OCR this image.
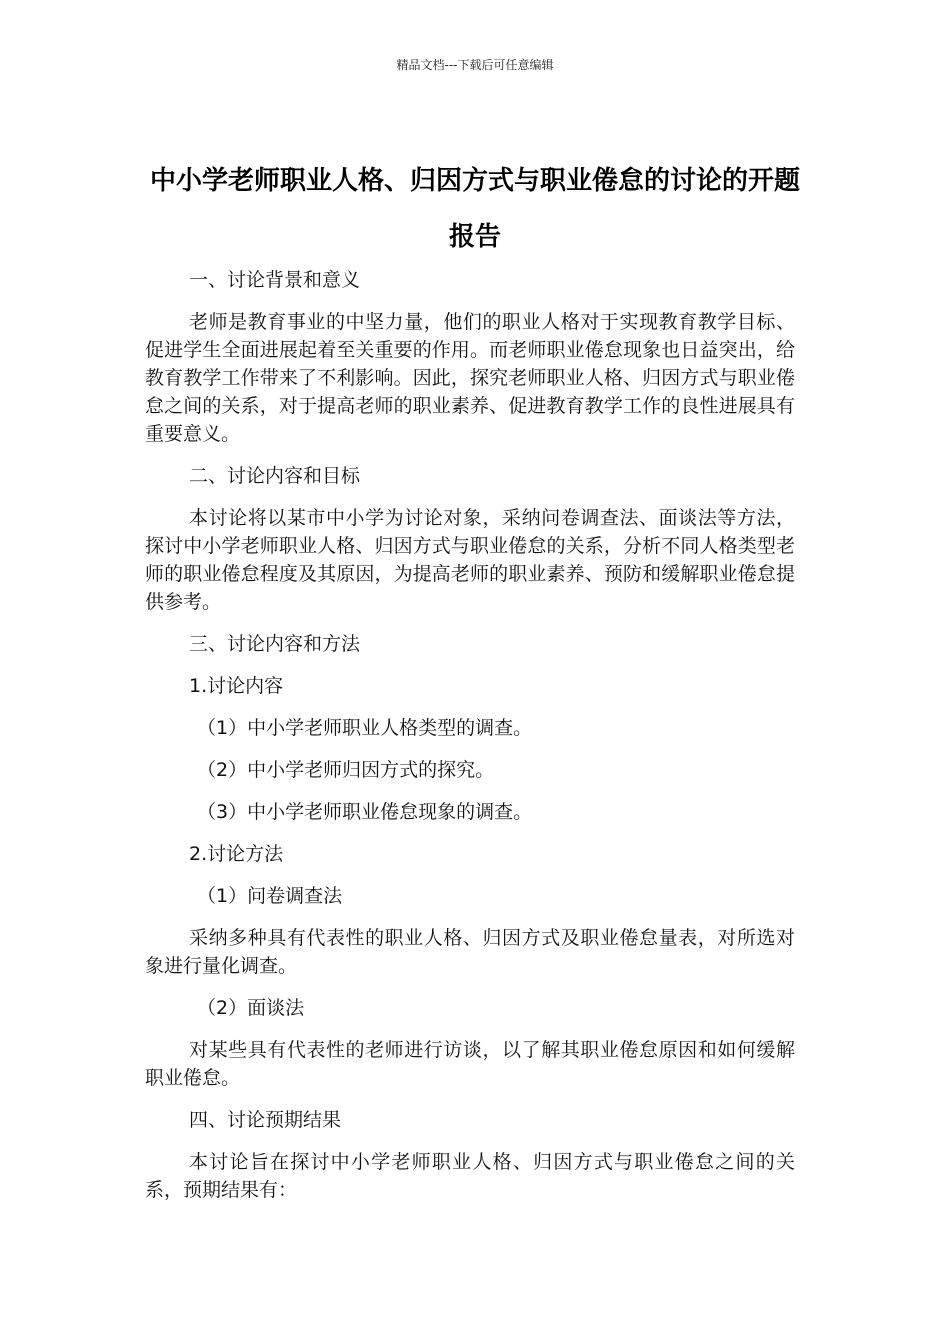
精品文档---下载后可任意编辑
中小学老师职业人格、归因方式与职业倦怠的讨论的开题报告

一、讨论背景和意义

老师是教育事业的中坚力量，他们的职业人格对于实现教育教学目标、促进学生全面进展起着至关重要的作用。而老师职业倦怠现象也日益突出，给教育教学工作带来了不利影响。因此，探究老师职业人格、归因方式与职业倦怠之间的关系，对于提高老师的职业素养、促进教育教学工作的良性进展具有重要意义。

二、讨论内容和目标

本讨论将以某市中小学为讨论对象，采纳问卷调查法、面谈法等方法，探讨中小学老师职业人格、归因方式与职业倦怠的关系，分析不同人格类型老师的职业倦怠程度及其原因，为提高老师的职业素养、预防和缓解职业倦怠提供参考。

三、讨论内容和方法

1.讨论内容

（1）中小学老师职业人格类型的调查。

（2）中小学老师归因方式的探究。

（3）中小学老师职业倦怠现象的调查。

2.讨论方法

（1）问卷调查法

采纳多种具有代表性的职业人格、归因方式及职业倦怠量表，对所选对象进行量化调查。

（2）面谈法

对某些具有代表性的老师进行访谈，以了解其职业倦怠原因和如何缓解职业倦怠。

四、讨论预期结果

本讨论旨在探讨中小学老师职业人格、归因方式与职业倦怠之间的关系，预期结果有：
